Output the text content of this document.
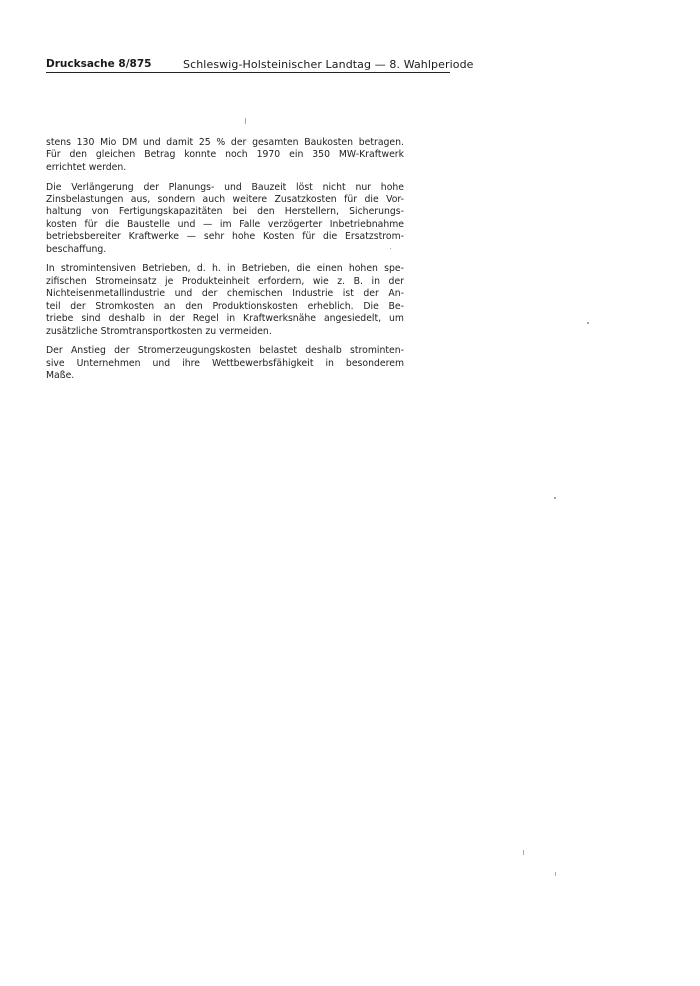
Drucksache 8/875	Schleswig-Holsteinischer Landtag — 8. Wahlperiode

stens 130 Mio DM und damit 25 % der gesamten Baukosten betragen.
Für den gleichen Betrag konnte noch 1970 ein 350 MW-Kraftwerk
errichtet werden.

Die Verlängerung der Planungs- und Bauzeit löst nicht nur hohe
Zinsbelastungen aus, sondern auch weitere Zusatzkosten für die Vor-
haltung von Fertigungskapazitäten bei den Herstellern, Sicherungs-
kosten für die Baustelle und — im Falle verzögerter Inbetriebnahme
betriebsbereiter Kraftwerke — sehr hohe Kosten für die Ersatzstrom-
beschaffung.

In stromintensiven Betrieben, d. h. in Betrieben, die einen hohen spe-
zifischen Stromeinsatz je Produkteinheit erfordern, wie z. B. in der
Nichteisenmetallindustrie und der chemischen Industrie ist der An-
teil der Stromkosten an den Produktionskosten erheblich. Die Be-
triebe sind deshalb in der Regel in Kraftwerksnähe angesiedelt, um
zusätzliche Stromtransportkosten zu vermeiden.

Der Anstieg der Stromerzeugungskosten belastet deshalb strominten-
sive Unternehmen und ihre Wettbewerbsfähigkeit in besonderem
Maße.
